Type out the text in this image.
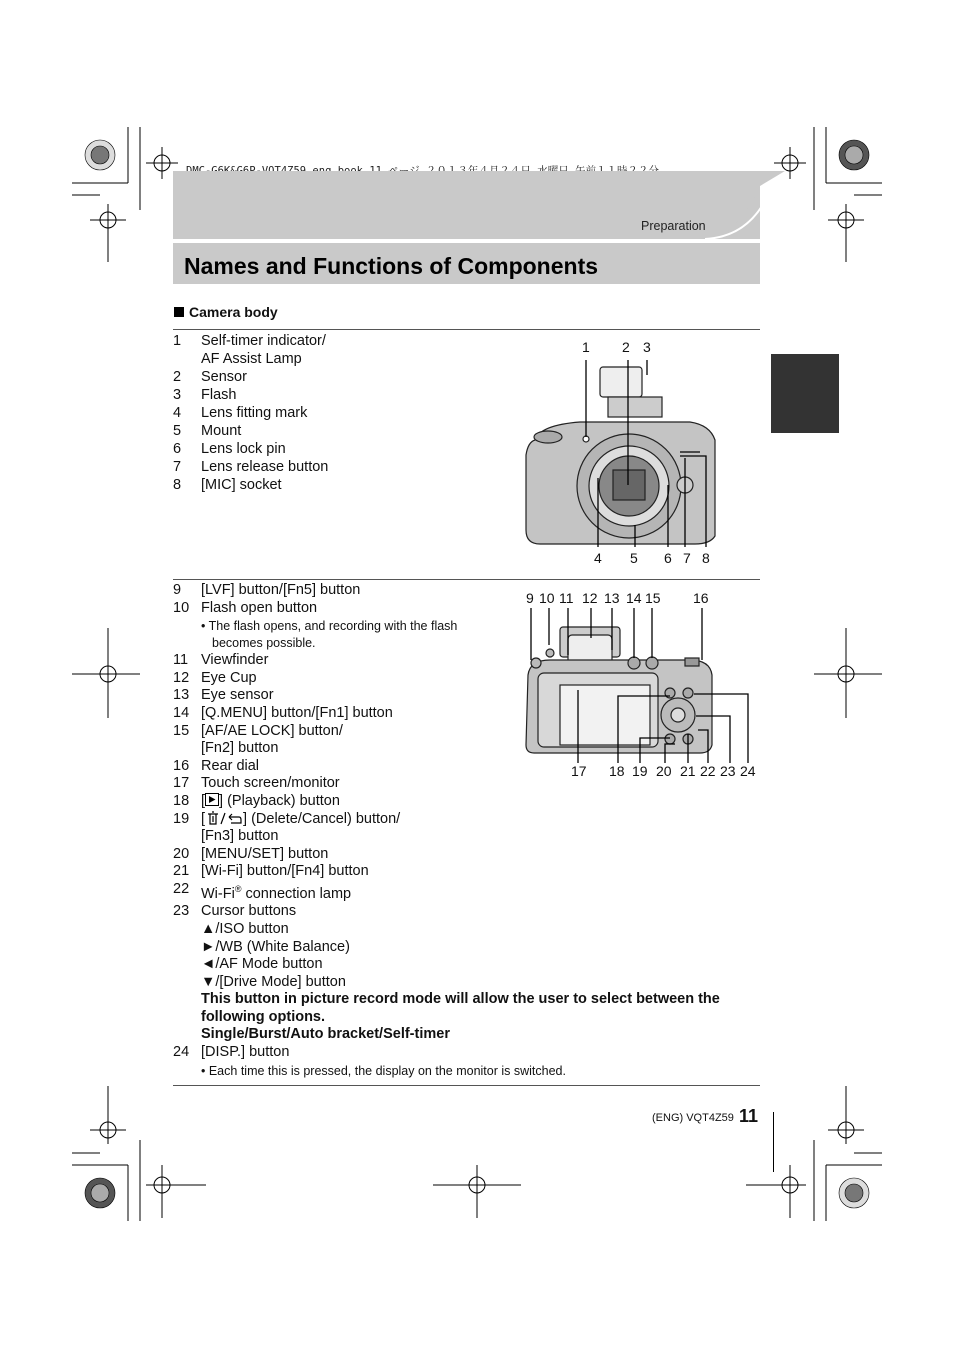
Preparation
Names and Functions of Components
Camera body
1	Self-timer indicator/
AF Assist Lamp
2	Sensor
3	Flash
4	Lens fitting mark
5	Mount
6	Lens lock pin
7	Lens release button
8	[MIC] socket
1 2 3
4 5 6 7 8
9	[LVF] button/[Fn5] button
10 Flash open button
• The flash opens, and recording with the flash
becomes possible.
11 Viewfinder
12 Eye Cup
13 Eye sensor
14 [Q.MENU] button/[Fn1] button
15 [AF/AE LOCK] button/
[Fn2] button
16 Rear dial
17 Touch screen/monitor
18 [ ] (Playback) button
19 [	] (Delete/Cancel) button/
[Fn3] button
20 [MENU/SET] button
21 [Wi-Fi] button/[Fn4] button
22 Wi-Fi® connection lamp
23 Cursor buttons
▲/ISO button
►/WB (White Balance)
◄/AF Mode button
▼/[Drive Mode] button
This button in picture record mode will allow the user to select between the
following options.
Single/Burst/Auto bracket/Self-timer
24 [DISP.] button
• Each time this is pressed, the display on the monitor is switched.
9 10 11 12 13 14 15 16
17 18 19 20 21 22 23 24
(ENG) VQT4Z59 11
